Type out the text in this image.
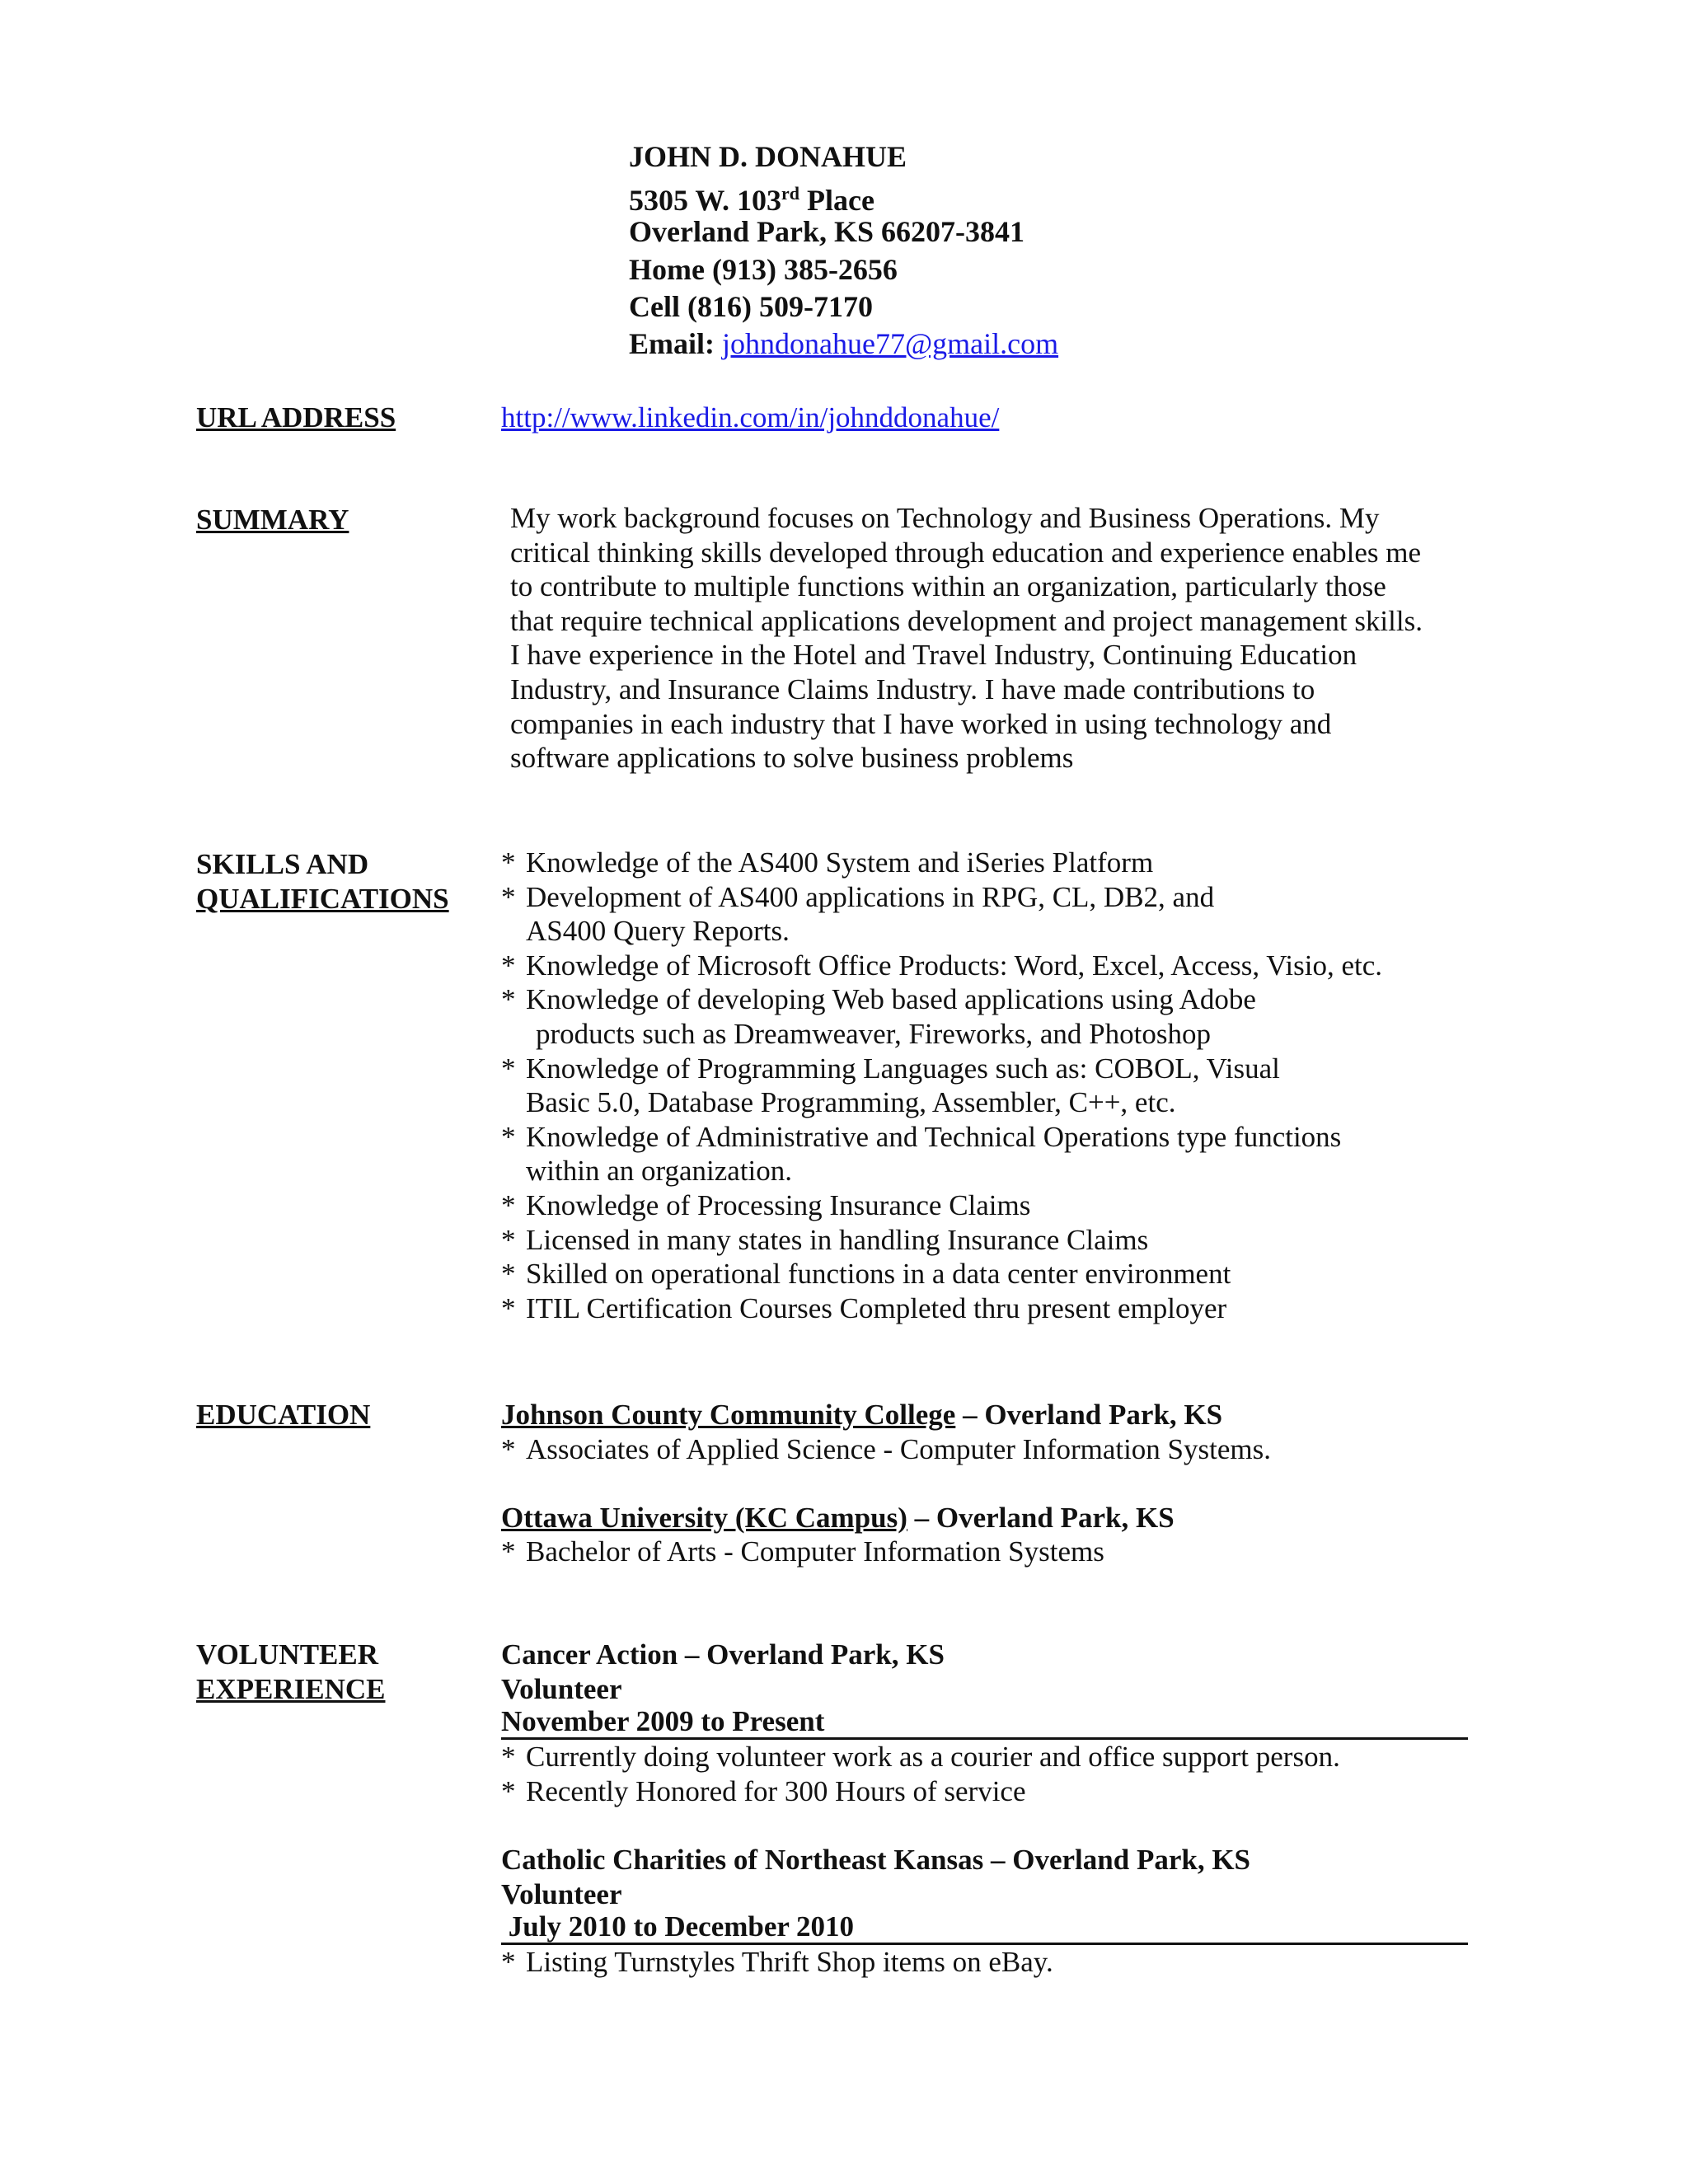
JOHN D. DONAHUE
5305 W. 103rd Place
Overland Park, KS 66207-3841
Home (913) 385-2656
Cell (816) 509-7170
Email: johndonahue77@gmail.com
URL ADDRESS	http://www.linkedin.com/in/johnddonahue/
SUMMARY	My work background focuses on Technology and Business Operations. My
critical thinking skills developed through education and experience enables me
to contribute to multiple functions within an organization, particularly those
that require technical applications development and project management skills.
I have experience in the Hotel and Travel Industry, Continuing Education
Industry, and Insurance Claims Industry. I have made contributions to
companies in each industry that I have worked in using technology and
software applications to solve business problems
SKILLS AND
QUALIFICATIONS
* Knowledge of the AS400 System and iSeries Platform
* Development of AS400 applications in RPG, CL, DB2, and
AS400 Query Reports.
* Knowledge of Microsoft Office Products: Word, Excel, Access, Visio, etc.
* Knowledge of developing Web based applications using Adobe
products such as Dreamweaver, Fireworks, and Photoshop
* Knowledge of Programming Languages such as: COBOL, Visual
Basic 5.0, Database Programming, Assembler, C++, etc.
* Knowledge of Administrative and Technical Operations type functions
within an organization.
* Knowledge of Processing Insurance Claims
* Licensed in many states in handling Insurance Claims
* Skilled on operational functions in a data center environment
* ITIL Certification Courses Completed thru present employer
EDUCATION	Johnson County Community College – Overland Park, KS
* Associates of Applied Science - Computer Information Systems.
Ottawa University (KC Campus) – Overland Park, KS
* Bachelor of Arts - Computer Information Systems
VOLUNTEER
EXPERIENCE
Cancer Action – Overland Park, KS
Volunteer
November 2009 to Present
* Currently doing volunteer work as a courier and office support person.
* Recently Honored for 300 Hours of service
Catholic Charities of Northeast Kansas – Overland Park, KS
Volunteer
July 2010 to December 2010
* Listing Turnstyles Thrift Shop items on eBay.
